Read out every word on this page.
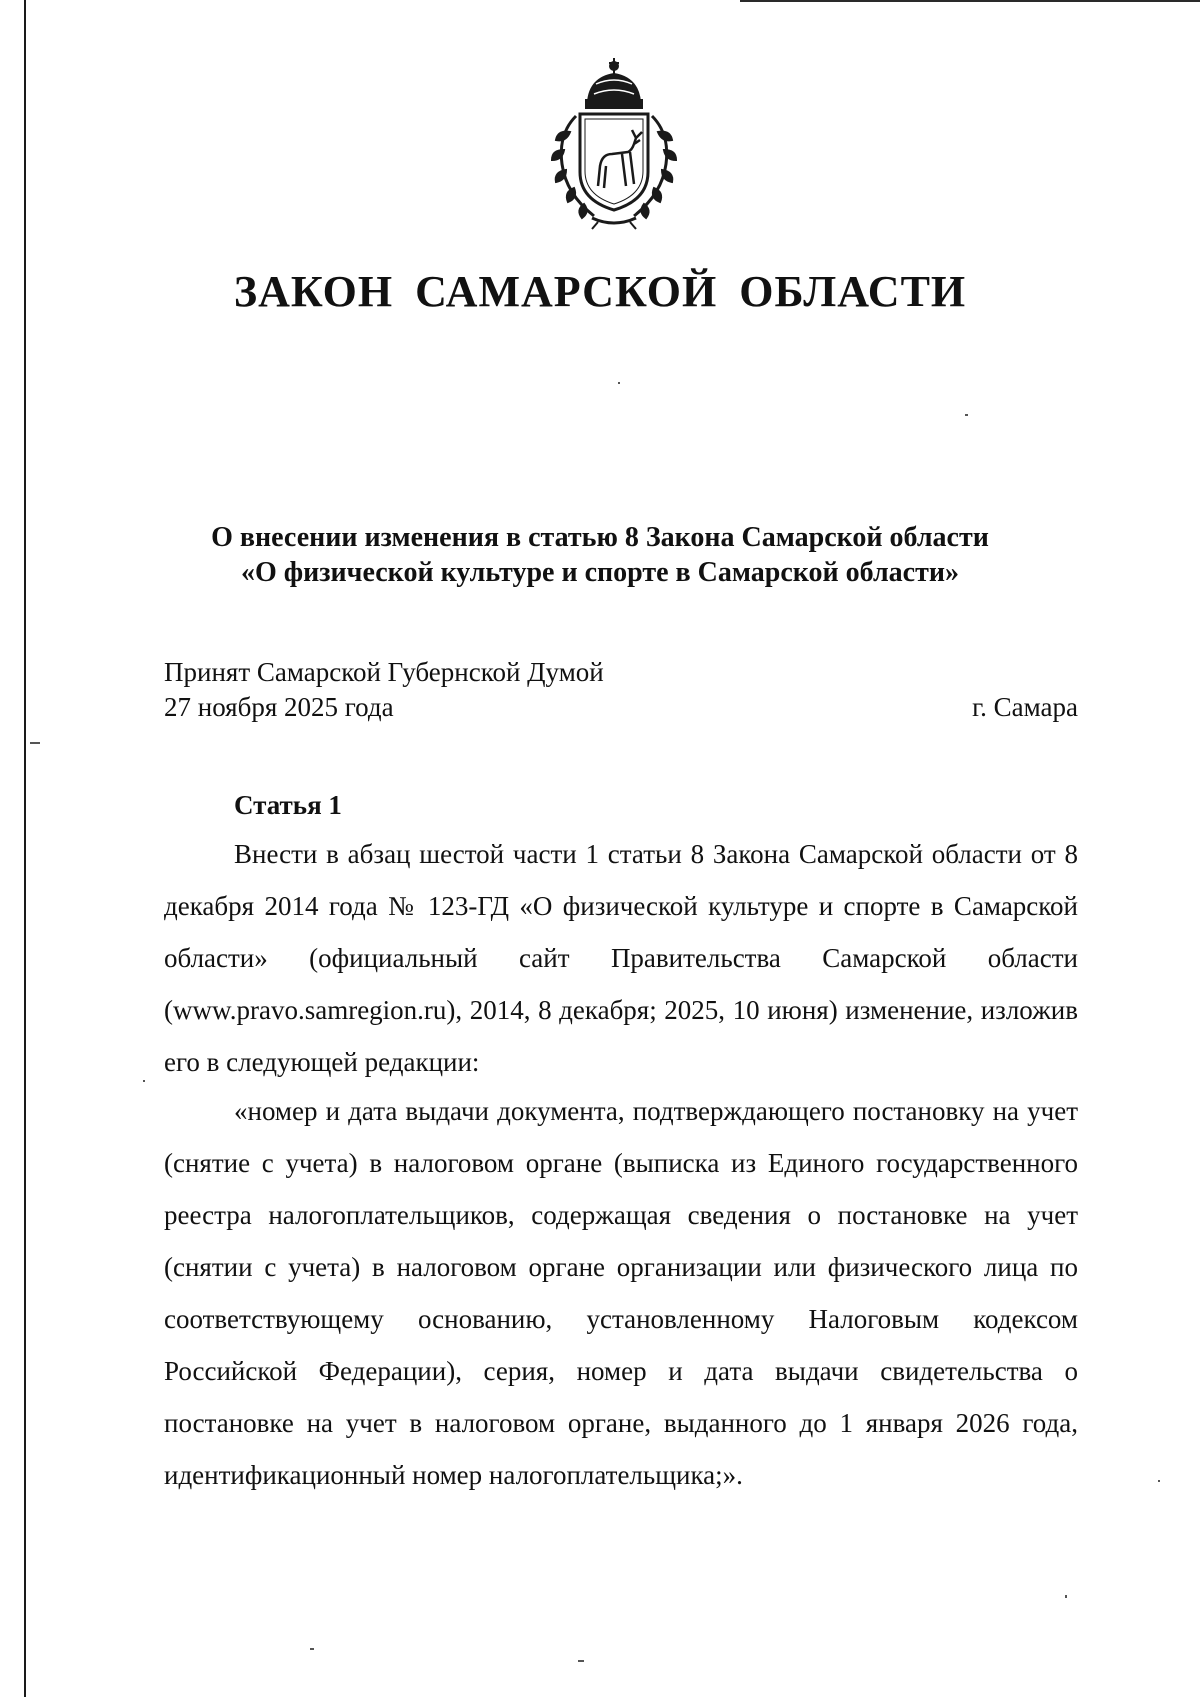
ЗАКОН САМАРСКОЙ ОБЛАСТИ
О внесении изменения в статью 8 Закона Самарской области
«О физической культуре и спорте в Самарской области»
Принят Самарской Губернской Думой
27 ноября 2025 года	г. Самара
Статья 1

Внести в абзац шестой части 1 статьи 8 Закона Самарской области от 8 декабря 2014 года № 123-ГД «О физической культуре и спорте в Самарской области» (официальный сайт Правительства Самарской области (www.pravo.samregion.ru), 2014, 8 декабря; 2025, 10 июня) изменение, изложив его в следующей редакции:

«номер и дата выдачи документа, подтверждающего постановку на учет (снятие с учета) в налоговом органе (выписка из Единого государственного реестра налогоплательщиков, содержащая сведения о постановке на учет (снятии с учета) в налоговом органе организации или физического лица по соответствующему основанию, установленному Налоговым кодексом Российской Федерации), серия, номер и дата выдачи свидетельства о постановке на учет в налоговом органе, выданного до 1 января 2026 года, идентификационный номер налогоплательщика;».
